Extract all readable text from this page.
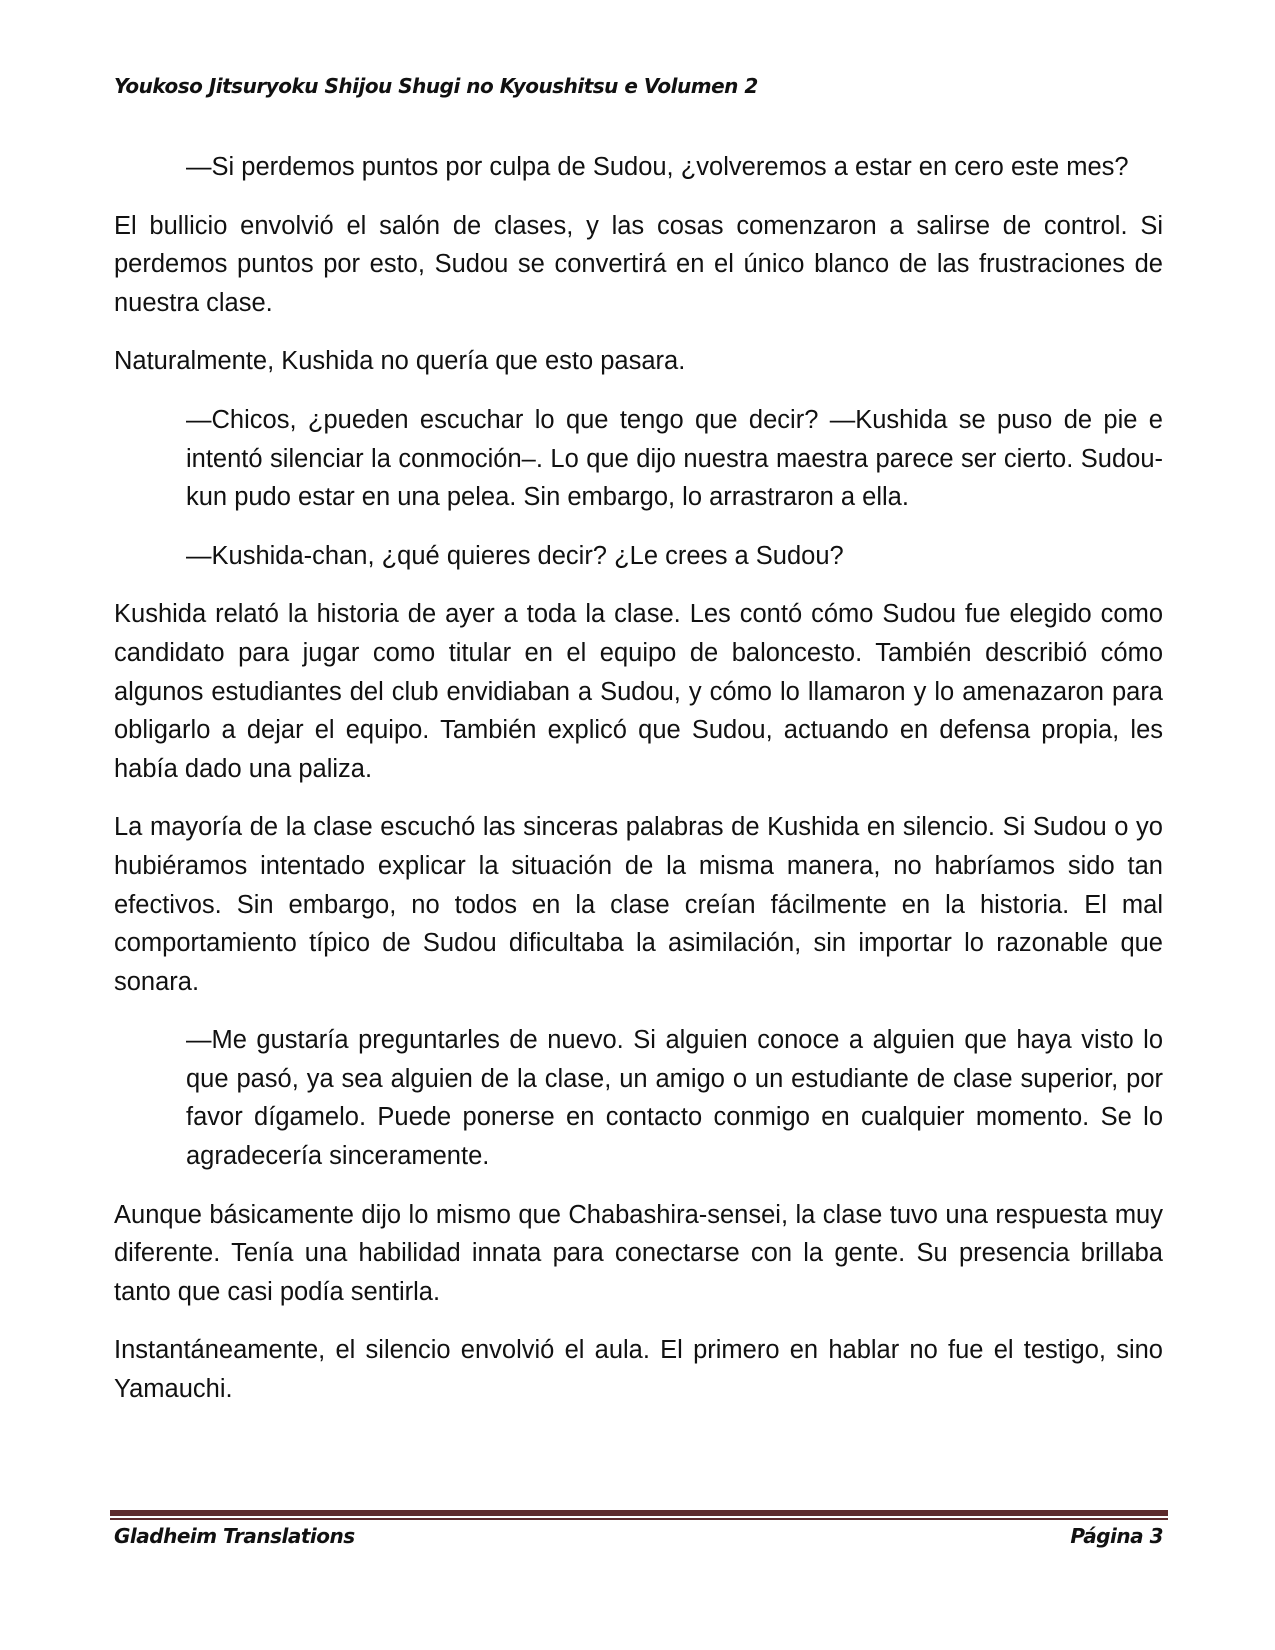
Youkoso Jitsuryoku Shijou Shugi no Kyoushitsu e Volumen 2

—Si perdemos puntos por culpa de Sudou, ¿volveremos a estar en cero este mes?

El bullicio envolvió el salón de clases, y las cosas comenzaron a salirse de control. Si perdemos puntos por esto, Sudou se convertirá en el único blanco de las frustraciones de nuestra clase.

Naturalmente, Kushida no quería que esto pasara.

—Chicos, ¿pueden escuchar lo que tengo que decir? —Kushida se puso de pie e intentó silenciar la conmoción–. Lo que dijo nuestra maestra parece ser cierto. Sudou-kun pudo estar en una pelea. Sin embargo, lo arrastraron a ella.

—Kushida-chan, ¿qué quieres decir? ¿Le crees a Sudou?

Kushida relató la historia de ayer a toda la clase. Les contó cómo Sudou fue elegido como candidato para jugar como titular en el equipo de baloncesto. También describió cómo algunos estudiantes del club envidiaban a Sudou, y cómo lo llamaron y lo amenazaron para obligarlo a dejar el equipo. También explicó que Sudou, actuando en defensa propia, les había dado una paliza.

La mayoría de la clase escuchó las sinceras palabras de Kushida en silencio. Si Sudou o yo hubiéramos intentado explicar la situación de la misma manera, no habríamos sido tan efectivos. Sin embargo, no todos en la clase creían fácilmente en la historia. El mal comportamiento típico de Sudou dificultaba la asimilación, sin importar lo razonable que sonara.

—Me gustaría preguntarles de nuevo. Si alguien conoce a alguien que haya visto lo que pasó, ya sea alguien de la clase, un amigo o un estudiante de clase superior, por favor dígamelo. Puede ponerse en contacto conmigo en cualquier momento. Se lo agradecería sinceramente.

Aunque básicamente dijo lo mismo que Chabashira-sensei, la clase tuvo una respuesta muy diferente. Tenía una habilidad innata para conectarse con la gente. Su presencia brillaba tanto que casi podía sentirla.

Instantáneamente, el silencio envolvió el aula. El primero en hablar no fue el testigo, sino Yamauchi.

Gladheim Translations	Página 3
